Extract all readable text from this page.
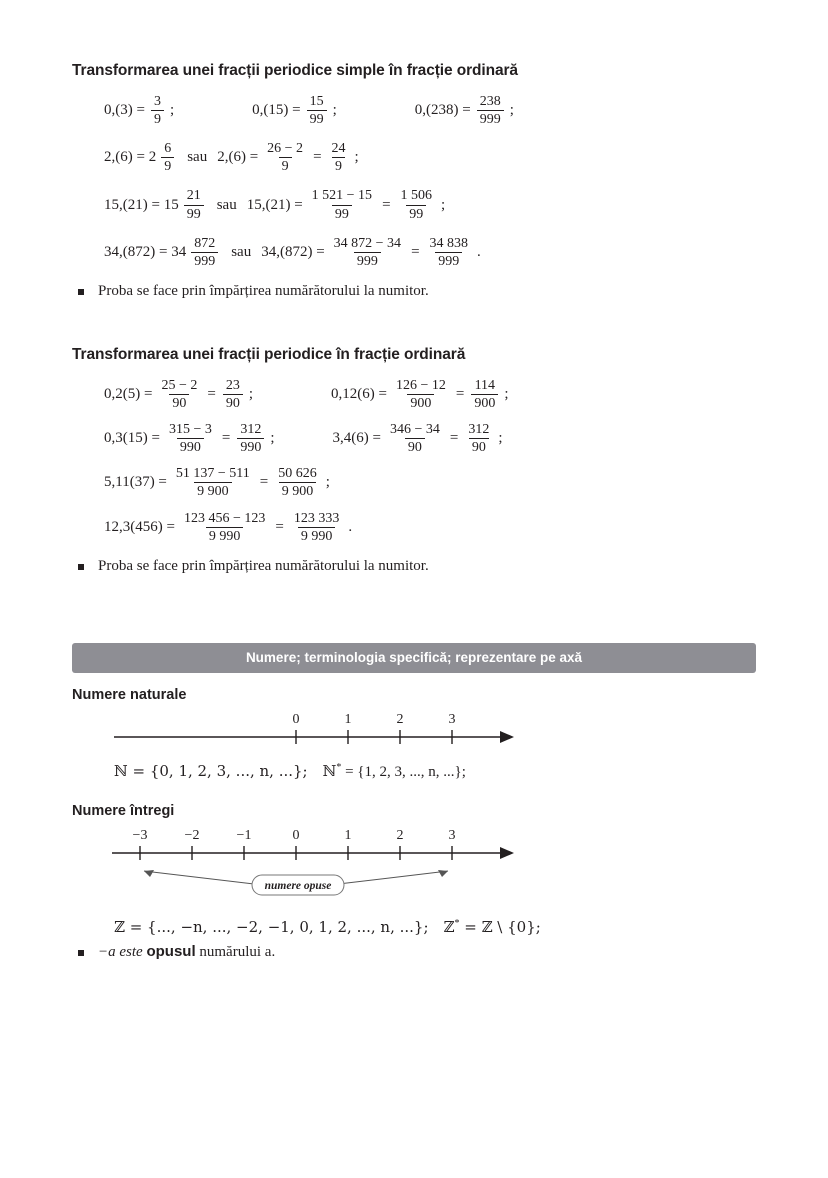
Transformarea unei fracții periodice simple în fracție ordinară
$0,(3) = \frac{3}{9}$ ;	$0,(15) = \frac{15}{99}$ ;	$0,(238) = \frac{238}{999}$ ;
$2,(6) = 2 \frac{6}{9}$ sau $2,(6) = \frac{26 - 2}{9} = \frac{24}{9}$ ;
$15,(21) = 15 \frac{21}{99}$ sau $15,(21) = \frac{1 521 - 15}{99} = \frac{1 506}{99}$ ;
$34,(872) = 34 \frac{872}{999}$ sau $34,(872) = \frac{34 872 - 34}{999} = \frac{34 838}{999}$ .
Proba se face prin împărțirea numărătorului la numitor.
Transformarea unei fracții periodice în fracție ordinară
$0,2(5) = \frac{25 - 2}{90} = \frac{23}{90}$ ;	$0,12(6) = \frac{126 - 12}{900} = \frac{114}{900}$ ;
$0,3(15) = \frac{315 - 3}{990} = \frac{312}{990}$ ;	$3,4(6) = \frac{346 - 34}{90} = \frac{312}{90}$ ;
$5,11(37) = \frac{51 137 - 511}{9 900} = \frac{50 626}{9 900}$ ;
$12,3(456) = \frac{123 456 - 123}{9 990} = \frac{123 333}{9 990}$ .
Proba se face prin împărțirea numărătorului la numitor.
Numere; terminologia specifică; reprezentare pe axă
Numere naturale
0	1	2	3
ℕ = {0, 1, 2, 3, ..., n, ...}; ℕ* = {1, 2, 3, ..., n, ...};
Numere întregi
−3	−2	−1	0	1	2	3
numere opuse
ℤ = {..., −n, ..., −2, −1, 0, 1, 2, ..., n, ...}; ℤ* = ℤ \ {0};
−a este opusul numărului a.
